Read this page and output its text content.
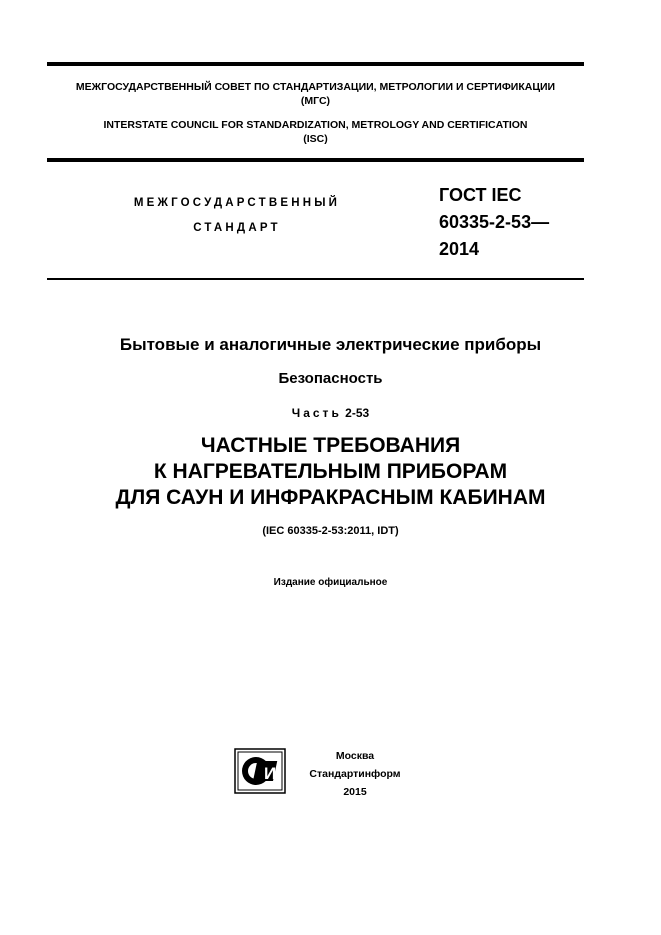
МЕЖГОСУДАРСТВЕННЫЙ СОВЕТ ПО СТАНДАРТИЗАЦИИ, МЕТРОЛОГИИ И СЕРТИФИКАЦИИ
(МГС)
INTERSTATE COUNCIL FOR STANDARDIZATION, METROLOGY AND CERTIFICATION
(ISC)
МЕЖГОСУДАРСТВЕННЫЙ
СТАНДАРТ
ГОСТ IEC
60335-2-53—
2014
Бытовые и аналогичные электрические приборы
Безопасность
Часть 2-53
ЧАСТНЫЕ ТРЕБОВАНИЯ
К НАГРЕВАТЕЛЬНЫМ ПРИБОРАМ
ДЛЯ САУН И ИНФРАКРАСНЫМ КАБИНАМ
(IEC 60335-2-53:2011, IDT)
Издание официальное
И
Москва
Стандартинформ
2015
